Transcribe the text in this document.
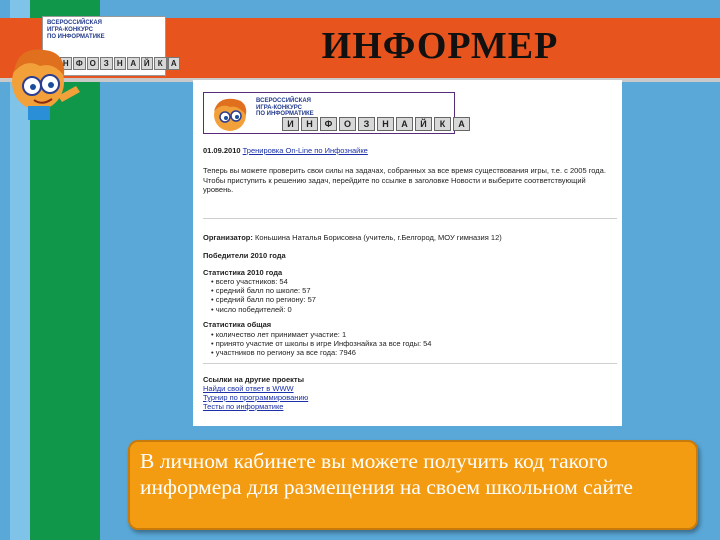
ВСЕРОССИЙСКАЯ
ИГРА-КОНКУРС
ПО ИНФОРМАТИКЕ
Н Ф О З	Н А Й	К	А	ИНФОРМЕР
ВСЕРОССИЙСКАЯ
ИГРА-КОНКУРС
ПО ИНФОРМАТИКЕ
И	Н	Ф	О	З	Н	А	Й	К	А
01.09.2010 Тренировка On-Line по Инфознайке
Теперь вы можете проверить свои силы на задачах, собранных за все время существования игры, т.е. с 2005 года. Чтобы приступить к решению задач, перейдите по ссылке в заголовке Новости и выберите соответствующий уровень.
Организатор: Коньшина Наталья Борисовна (учитель, г.Белгород, МОУ гимназия 12)
Победители 2010 года
Статистика 2010 года
• всего участников: 54
• средний балл по школе: 57
• средний балл по региону: 57
• число победителей: 0
Статистика общая
• количество лет принимает участие: 1
• принято участие от школы в игре Инфознайка за все годы: 54
• участников по региону за все года: 7946
Ссылки на другие проекты
Найди свой ответ в WWW
Турнир по программированию
Тесты по информатике
В личном кабинете вы можете получить код такого информера для размещения на своем школьном сайте
